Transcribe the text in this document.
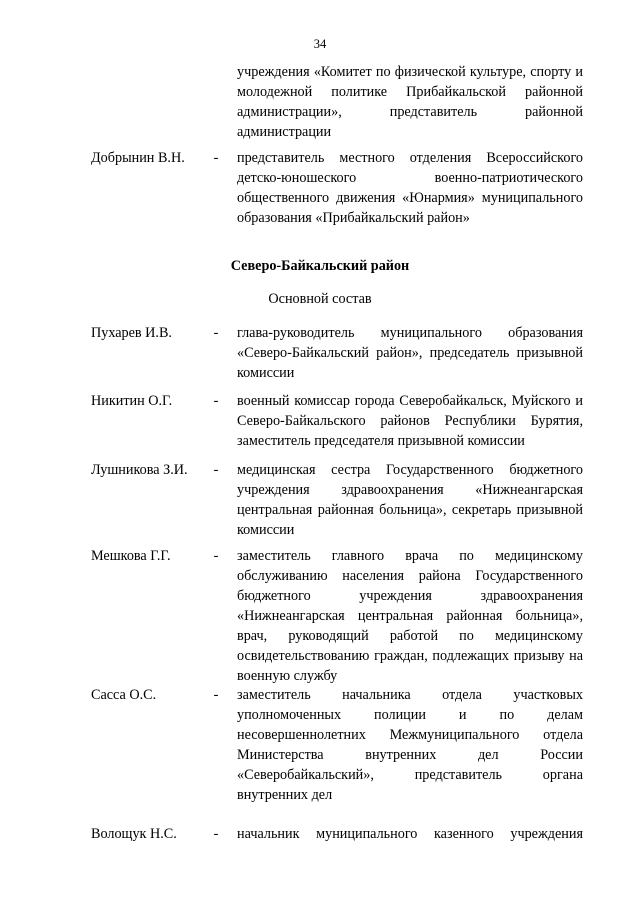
34
учреждения «Комитет по физической культуре, спорту и молодежной политике Прибайкальской районной администрации», представитель районной администрации
Добрынин В.Н. - представитель местного отделения Всероссийского детско-юношеского военно-патриотического общественного движения «Юнармия» муниципального образования «Прибайкальский район»
Северо-Байкальский район
Основной состав
Пухарев И.В.	- глава-руководитель муниципального образования «Северо-Байкальский район», председатель призывной комиссии
Никитин О.Г.	- военный комиссар города Северобайкальск, Муйского и Северо-Байкальского районов Республики Бурятия, заместитель председателя призывной комиссии
Лушникова З.И. - медицинская сестра Государственного бюджетного учреждения здравоохранения «Нижнеангарская центральная районная больница», секретарь призывной комиссии
Мешкова Г.Г.	- заместитель главного врача по медицинскому обслуживанию населения района Государственного бюджетного учреждения здравоохранения «Нижнеангарская центральная районная больница», врач, руководящий работой по медицинскому освидетельствованию граждан, подлежащих призыву на военную службу
Сасса О.С.	- заместитель начальника отдела участковых уполномоченных полиции и по делам несовершеннолетних Межмуниципального отдела Министерства внутренних дел России «Северобайкальский», представитель органа внутренних дел
Волощук Н.С.	- начальник муниципального казенного учреждения
